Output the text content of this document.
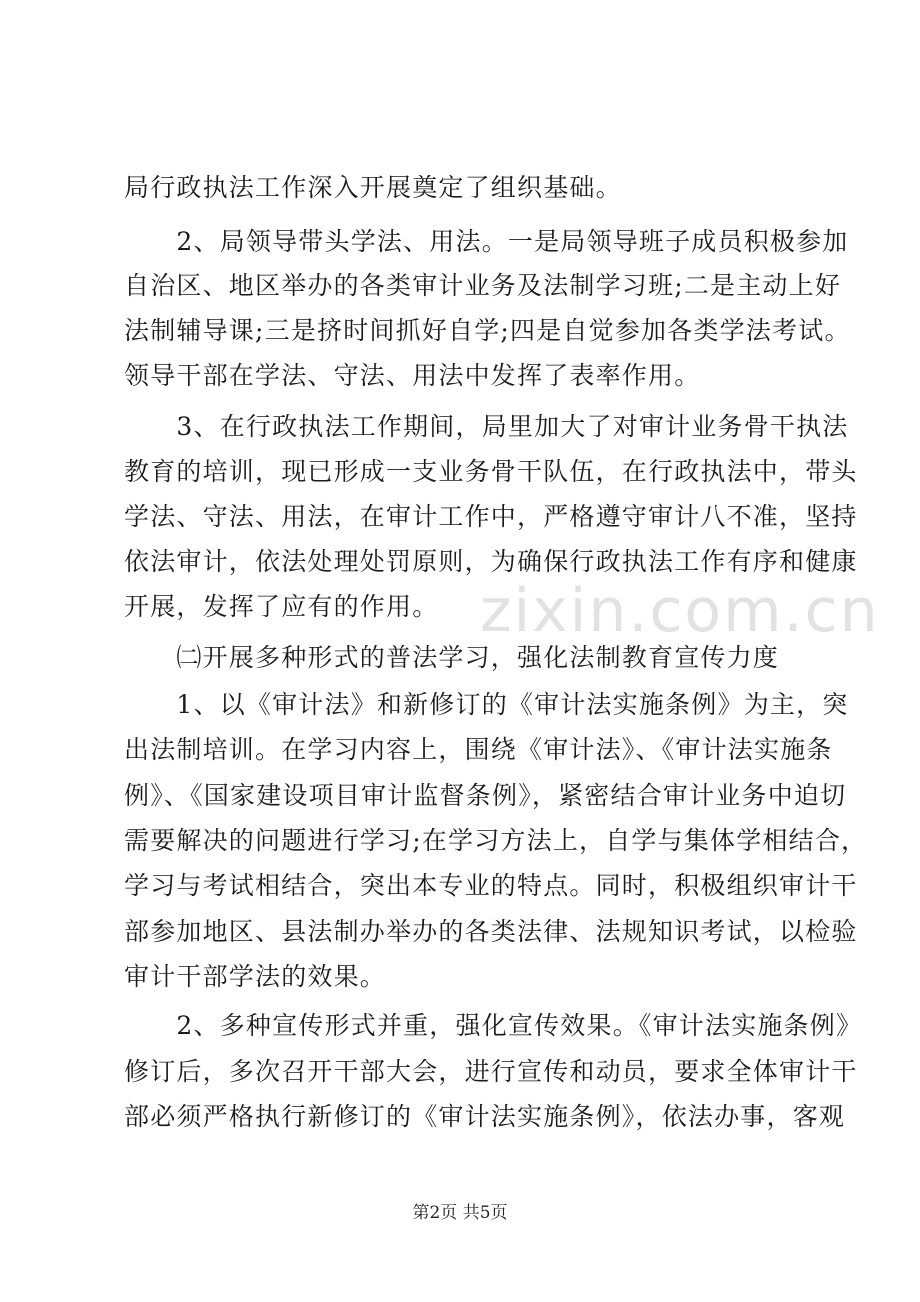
zixin.com.cn
局行政执法工作深入开展奠定了组织基础。
　　2、局领导带头学法、用法。一是局领导班子成员积极参加
自治区、地区举办的各类审计业务及法制学习班;二是主动上好
法制辅导课;三是挤时间抓好自学;四是自觉参加各类学法考试。
领导干部在学法、守法、用法中发挥了表率作用。
　　3、在行政执法工作期间，局里加大了对审计业务骨干执法
教育的培训，现已形成一支业务骨干队伍，在行政执法中，带头
学法、守法、用法，在审计工作中，严格遵守审计八不准，坚持
依法审计，依法处理处罚原则，为确保行政执法工作有序和健康
开展，发挥了应有的作用。
　　㈡开展多种形式的普法学习，强化法制教育宣传力度
　　1、以《审计法》和新修订的《审计法实施条例》为主，突
出法制培训。在学习内容上，围绕《审计法》、《审计法实施条
例》、《国家建设项目审计监督条例》，紧密结合审计业务中迫切
需要解决的问题进行学习;在学习方法上，自学与集体学相结合，
学习与考试相结合，突出本专业的特点。同时，积极组织审计干
部参加地区、县法制办举办的各类法律、法规知识考试，以检验
审计干部学法的效果。
　　2、多种宣传形式并重，强化宣传效果。《审计法实施条例》
修订后，多次召开干部大会，进行宣传和动员，要求全体审计干
部必须严格执行新修订的《审计法实施条例》，依法办事，客观
第2页 共5页
